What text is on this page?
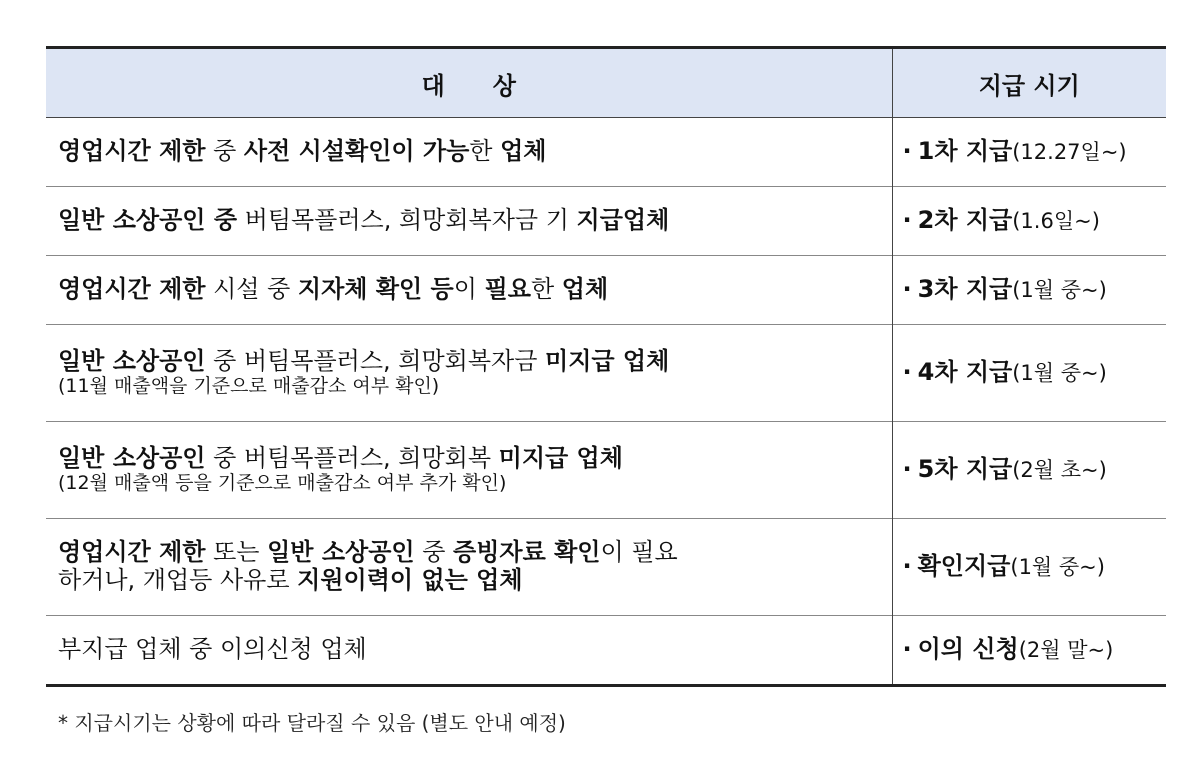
대 상	지급 시기

영업시간 제한 중 사전 시설확인이 가능한 업체	· 1차 지급(12.27일~)

일반 소상공인 중 버팀목플러스, 희망회복자금 기 지급업체	· 2차 지급(1.6일~)

영업시간 제한 시설 중 지자체 확인 등이 필요한 업체	· 3차 지급(1월 중~)

일반 소상공인 중 버팀목플러스, 희망회복자금 미지급 업체
(11월 매출액을 기준으로 매출감소 여부 확인)	· 4차 지급(1월 중~)

일반 소상공인 중 버팀목플러스, 희망회복 미지급 업체
(12월 매출액 등을 기준으로 매출감소 여부 추가 확인)	· 5차 지급(2월 초~)

영업시간 제한 또는 일반 소상공인 중 증빙자료 확인이 필요
하거나, 개업등 사유로 지원이력이 없는 업체	· 확인지급(1월 중~)

부지급 업체 중 이의신청 업체	· 이의 신청(2월 말~)
* 지급시기는 상황에 따라 달라질 수 있음 (별도 안내 예정)
